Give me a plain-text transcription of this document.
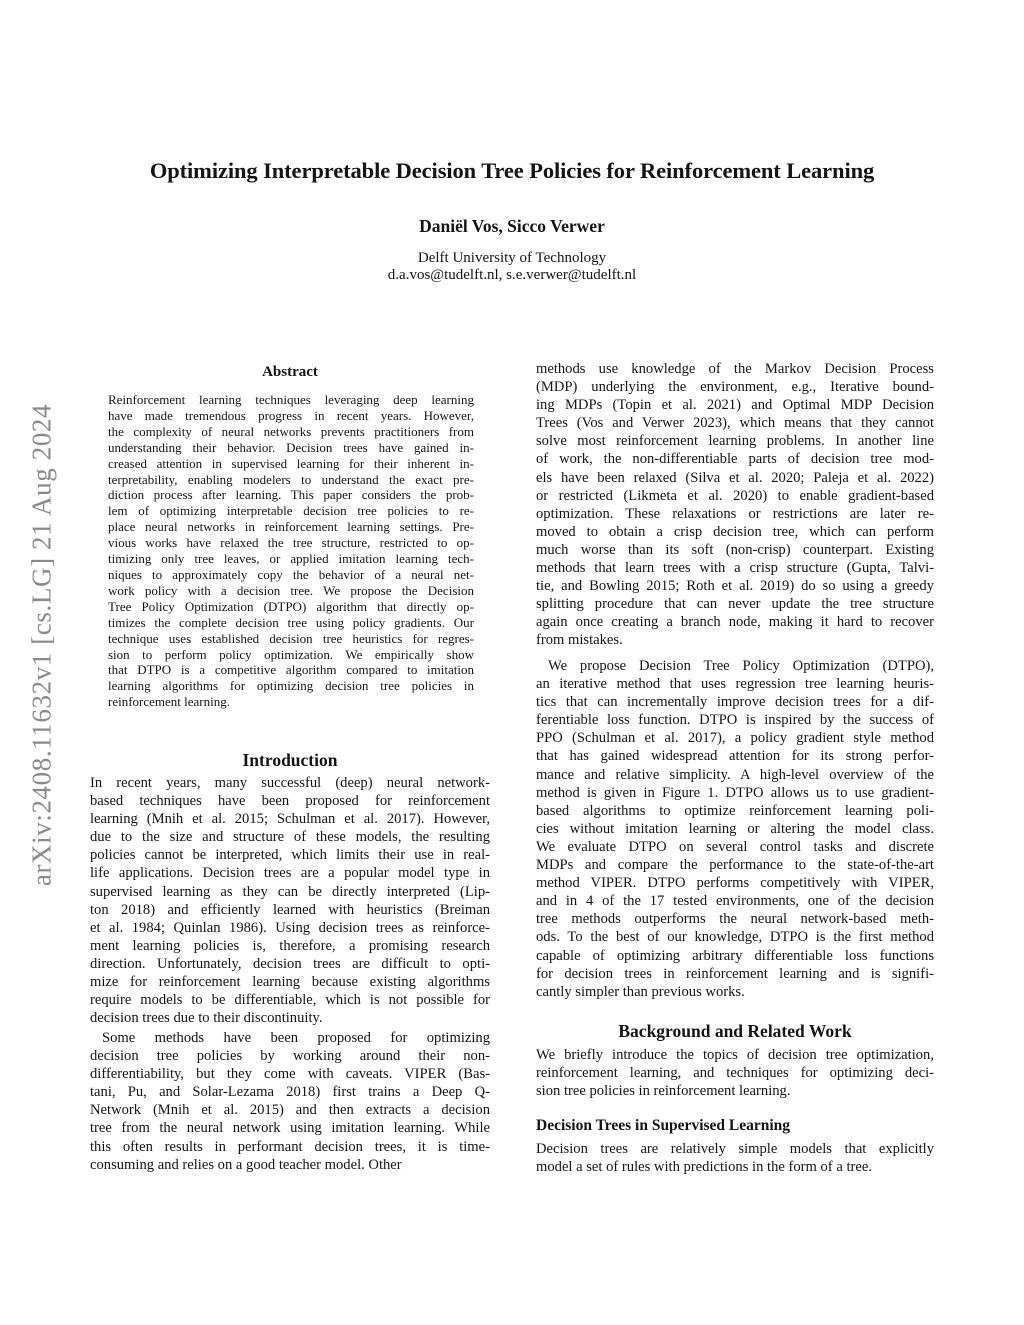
Optimizing Interpretable Decision Tree Policies for Reinforcement Learning
Daniël Vos, Sicco Verwer
Delft University of Technology
d.a.vos@tudelft.nl, s.e.verwer@tudelft.nl
arXiv:2408.11632v1 [cs.LG] 21 Aug 2024
Abstract
Reinforcement learning techniques leveraging deep learning
have made tremendous progress in recent years. However,
the complexity of neural networks prevents practitioners from
understanding their behavior. Decision trees have gained in-
creased attention in supervised learning for their inherent in-
terpretability, enabling modelers to understand the exact pre-
diction process after learning. This paper considers the prob-
lem of optimizing interpretable decision tree policies to re-
place neural networks in reinforcement learning settings. Pre-
vious works have relaxed the tree structure, restricted to op-
timizing only tree leaves, or applied imitation learning tech-
niques to approximately copy the behavior of a neural net-
work policy with a decision tree. We propose the Decision
Tree Policy Optimization (DTPO) algorithm that directly op-
timizes the complete decision tree using policy gradients. Our
technique uses established decision tree heuristics for regres-
sion to perform policy optimization. We empirically show
that DTPO is a competitive algorithm compared to imitation
learning algorithms for optimizing decision tree policies in
reinforcement learning.
Introduction
In recent years, many successful (deep) neural network-
based techniques have been proposed for reinforcement
learning (Mnih et al. 2015; Schulman et al. 2017). However,
due to the size and structure of these models, the resulting
policies cannot be interpreted, which limits their use in real-
life applications. Decision trees are a popular model type in
supervised learning as they can be directly interpreted (Lip-
ton 2018) and efficiently learned with heuristics (Breiman
et al. 1984; Quinlan 1986). Using decision trees as reinforce-
ment learning policies is, therefore, a promising research
direction. Unfortunately, decision trees are difficult to opti-
mize for reinforcement learning because existing algorithms
require models to be differentiable, which is not possible for
decision trees due to their discontinuity.
Some methods have been proposed for optimizing
decision tree policies by working around their non-
differentiability, but they come with caveats. VIPER (Bas-
tani, Pu, and Solar-Lezama 2018) first trains a Deep Q-
Network (Mnih et al. 2015) and then extracts a decision
tree from the neural network using imitation learning. While
this often results in performant decision trees, it is time-
consuming and relies on a good teacher model. Other
methods use knowledge of the Markov Decision Process
(MDP) underlying the environment, e.g., Iterative bound-
ing MDPs (Topin et al. 2021) and Optimal MDP Decision
Trees (Vos and Verwer 2023), which means that they cannot
solve most reinforcement learning problems. In another line
of work, the non-differentiable parts of decision tree mod-
els have been relaxed (Silva et al. 2020; Paleja et al. 2022)
or restricted (Likmeta et al. 2020) to enable gradient-based
optimization. These relaxations or restrictions are later re-
moved to obtain a crisp decision tree, which can perform
much worse than its soft (non-crisp) counterpart. Existing
methods that learn trees with a crisp structure (Gupta, Talvi-
tie, and Bowling 2015; Roth et al. 2019) do so using a greedy
splitting procedure that can never update the tree structure
again once creating a branch node, making it hard to recover
from mistakes.
We propose Decision Tree Policy Optimization (DTPO),
an iterative method that uses regression tree learning heuris-
tics that can incrementally improve decision trees for a dif-
ferentiable loss function. DTPO is inspired by the success of
PPO (Schulman et al. 2017), a policy gradient style method
that has gained widespread attention for its strong perfor-
mance and relative simplicity. A high-level overview of the
method is given in Figure 1. DTPO allows us to use gradient-
based algorithms to optimize reinforcement learning poli-
cies without imitation learning or altering the model class.
We evaluate DTPO on several control tasks and discrete
MDPs and compare the performance to the state-of-the-art
method VIPER. DTPO performs competitively with VIPER,
and in 4 of the 17 tested environments, one of the decision
tree methods outperforms the neural network-based meth-
ods. To the best of our knowledge, DTPO is the first method
capable of optimizing arbitrary differentiable loss functions
for decision trees in reinforcement learning and is signifi-
cantly simpler than previous works.
Background and Related Work
We briefly introduce the topics of decision tree optimization,
reinforcement learning, and techniques for optimizing deci-
sion tree policies in reinforcement learning.
Decision Trees in Supervised Learning
Decision trees are relatively simple models that explicitly
model a set of rules with predictions in the form of a tree.
